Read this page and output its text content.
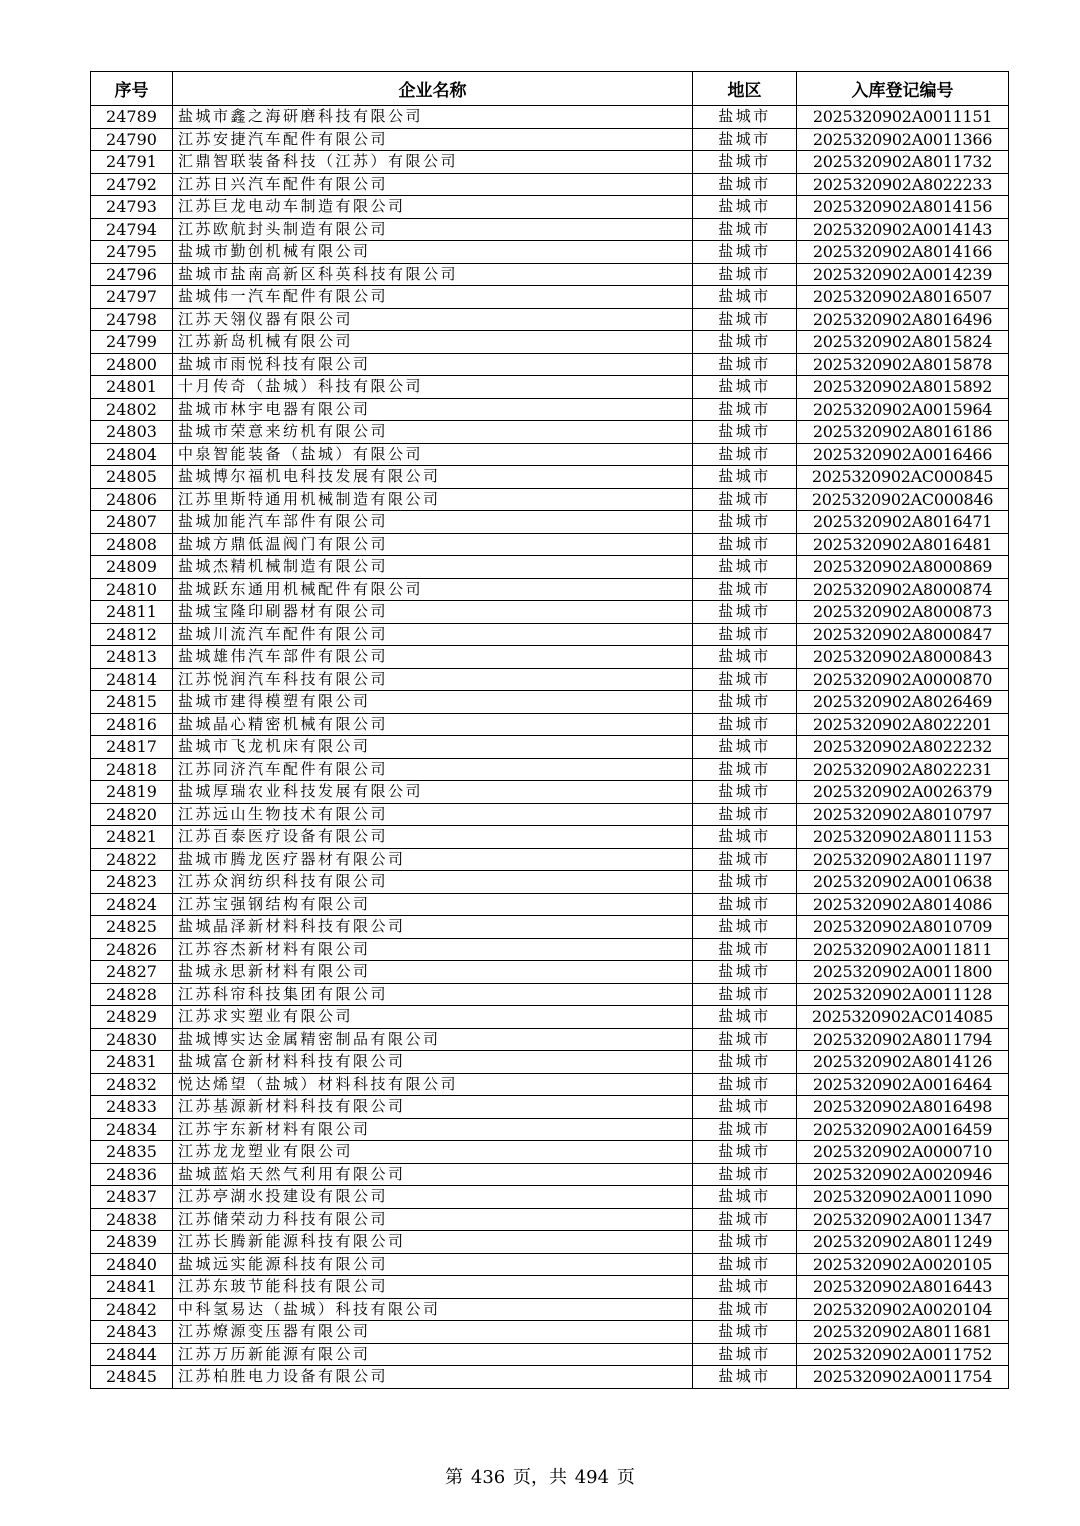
序号	企业名称	地区	入库登记编号
24789	盐城市鑫之海研磨科技有限公司	盐城市	2025320902A0011151
24790	江苏安捷汽车配件有限公司	盐城市	2025320902A0011366
24791	汇鼎智联装备科技（江苏）有限公司	盐城市	2025320902A8011732
24792	江苏日兴汽车配件有限公司	盐城市	2025320902A8022233
24793	江苏巨龙电动车制造有限公司	盐城市	2025320902A8014156
24794	江苏欧航封头制造有限公司	盐城市	2025320902A0014143
24795	盐城市勤创机械有限公司	盐城市	2025320902A8014166
24796	盐城市盐南高新区科英科技有限公司	盐城市	2025320902A0014239
24797	盐城伟一汽车配件有限公司	盐城市	2025320902A8016507
24798	江苏天翎仪器有限公司	盐城市	2025320902A8016496
24799	江苏新岛机械有限公司	盐城市	2025320902A8015824
24800	盐城市雨悦科技有限公司	盐城市	2025320902A8015878
24801	十月传奇（盐城）科技有限公司	盐城市	2025320902A8015892
24802	盐城市林宇电器有限公司	盐城市	2025320902A0015964
24803	盐城市荣意来纺机有限公司	盐城市	2025320902A8016186
24804	中泉智能装备（盐城）有限公司	盐城市	2025320902A0016466
24805	盐城博尔福机电科技发展有限公司	盐城市	2025320902AC000845
24806	江苏里斯特通用机械制造有限公司	盐城市	2025320902AC000846
24807	盐城加能汽车部件有限公司	盐城市	2025320902A8016471
24808	盐城方鼎低温阀门有限公司	盐城市	2025320902A8016481
24809	盐城杰精机械制造有限公司	盐城市	2025320902A8000869
24810	盐城跃东通用机械配件有限公司	盐城市	2025320902A8000874
24811	盐城宝隆印刷器材有限公司	盐城市	2025320902A8000873
24812	盐城川流汽车配件有限公司	盐城市	2025320902A8000847
24813	盐城雄伟汽车部件有限公司	盐城市	2025320902A8000843
24814	江苏悦润汽车科技有限公司	盐城市	2025320902A0000870
24815	盐城市建得模塑有限公司	盐城市	2025320902A8026469
24816	盐城晶心精密机械有限公司	盐城市	2025320902A8022201
24817	盐城市飞龙机床有限公司	盐城市	2025320902A8022232
24818	江苏同济汽车配件有限公司	盐城市	2025320902A8022231
24819	盐城厚瑞农业科技发展有限公司	盐城市	2025320902A0026379
24820	江苏远山生物技术有限公司	盐城市	2025320902A8010797
24821	江苏百泰医疗设备有限公司	盐城市	2025320902A8011153
24822	盐城市腾龙医疗器材有限公司	盐城市	2025320902A8011197
24823	江苏众润纺织科技有限公司	盐城市	2025320902A0010638
24824	江苏宝强钢结构有限公司	盐城市	2025320902A8014086
24825	盐城晶泽新材料科技有限公司	盐城市	2025320902A8010709
24826	江苏容杰新材料有限公司	盐城市	2025320902A0011811
24827	盐城永思新材料有限公司	盐城市	2025320902A0011800
24828	江苏科帘科技集团有限公司	盐城市	2025320902A0011128
24829	江苏求实塑业有限公司	盐城市	2025320902AC014085
24830	盐城博实达金属精密制品有限公司	盐城市	2025320902A8011794
24831	盐城富仓新材料科技有限公司	盐城市	2025320902A8014126
24832	悦达烯望（盐城）材料科技有限公司	盐城市	2025320902A0016464
24833	江苏基源新材料科技有限公司	盐城市	2025320902A8016498
24834	江苏宇东新材料有限公司	盐城市	2025320902A0016459
24835	江苏龙龙塑业有限公司	盐城市	2025320902A0000710
24836	盐城蓝焰天然气利用有限公司	盐城市	2025320902A0020946
24837	江苏亭湖水投建设有限公司	盐城市	2025320902A0011090
24838	江苏储荣动力科技有限公司	盐城市	2025320902A0011347
24839	江苏长腾新能源科技有限公司	盐城市	2025320902A8011249
24840	盐城远实能源科技有限公司	盐城市	2025320902A0020105
24841	江苏东玻节能科技有限公司	盐城市	2025320902A8016443
24842	中科氢易达（盐城）科技有限公司	盐城市	2025320902A0020104
24843	江苏燎源变压器有限公司	盐城市	2025320902A8011681
24844	江苏万历新能源有限公司	盐城市	2025320902A0011752
24845	江苏柏胜电力设备有限公司	盐城市	2025320902A0011754
第 436 页，共 494 页
